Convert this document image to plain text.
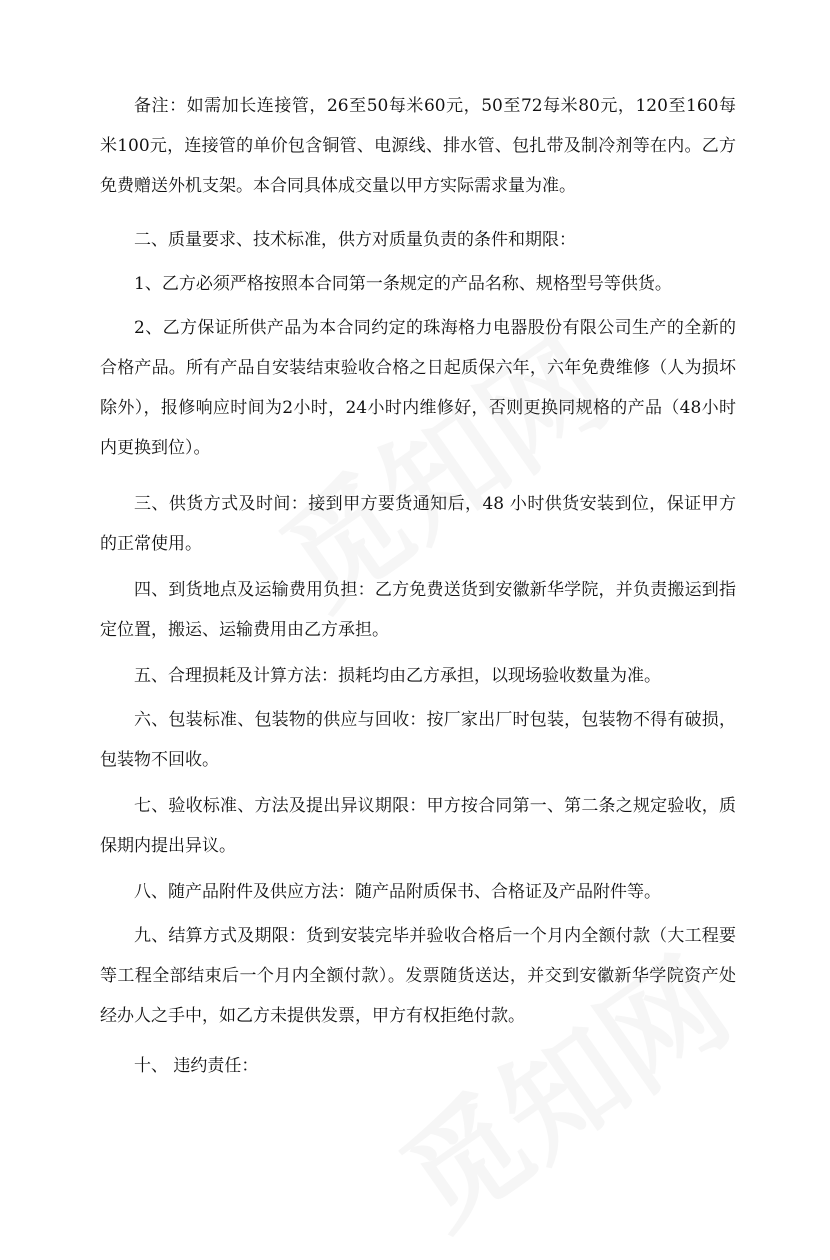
备注：如需加长连接管，26至50每米60元，50至72每米80元，120至160每米100元，连接管的单价包含铜管、电源线、排水管、包扎带及制冷剂等在内。乙方免费赠送外机支架。本合同具体成交量以甲方实际需求量为准。

二、质量要求、技术标准，供方对质量负责的条件和期限：

1、乙方必须严格按照本合同第一条规定的产品名称、规格型号等供货。

2、乙方保证所供产品为本合同约定的珠海格力电器股份有限公司生产的全新的合格产品。所有产品自安装结束验收合格之日起质保六年，六年免费维修（人为损坏除外），报修响应时间为2小时，24小时内维修好，否则更换同规格的产品（48小时内更换到位）。

三、供货方式及时间：接到甲方要货通知后，48 小时供货安装到位，保证甲方的正常使用。

四、到货地点及运输费用负担：乙方免费送货到安徽新华学院，并负责搬运到指定位置，搬运、运输费用由乙方承担。

五、合理损耗及计算方法：损耗均由乙方承担，以现场验收数量为准。

六、包装标准、包装物的供应与回收：按厂家出厂时包装，包装物不得有破损，包装物不回收。

七、验收标准、方法及提出异议期限：甲方按合同第一、第二条之规定验收，质保期内提出异议。

八、随产品附件及供应方法：随产品附质保书、合格证及产品附件等。

九、结算方式及期限：货到安装完毕并验收合格后一个月内全额付款（大工程要等工程全部结束后一个月内全额付款）。发票随货送达，并交到安徽新华学院资产处经办人之手中，如乙方未提供发票，甲方有权拒绝付款。

十、 违约责任：
